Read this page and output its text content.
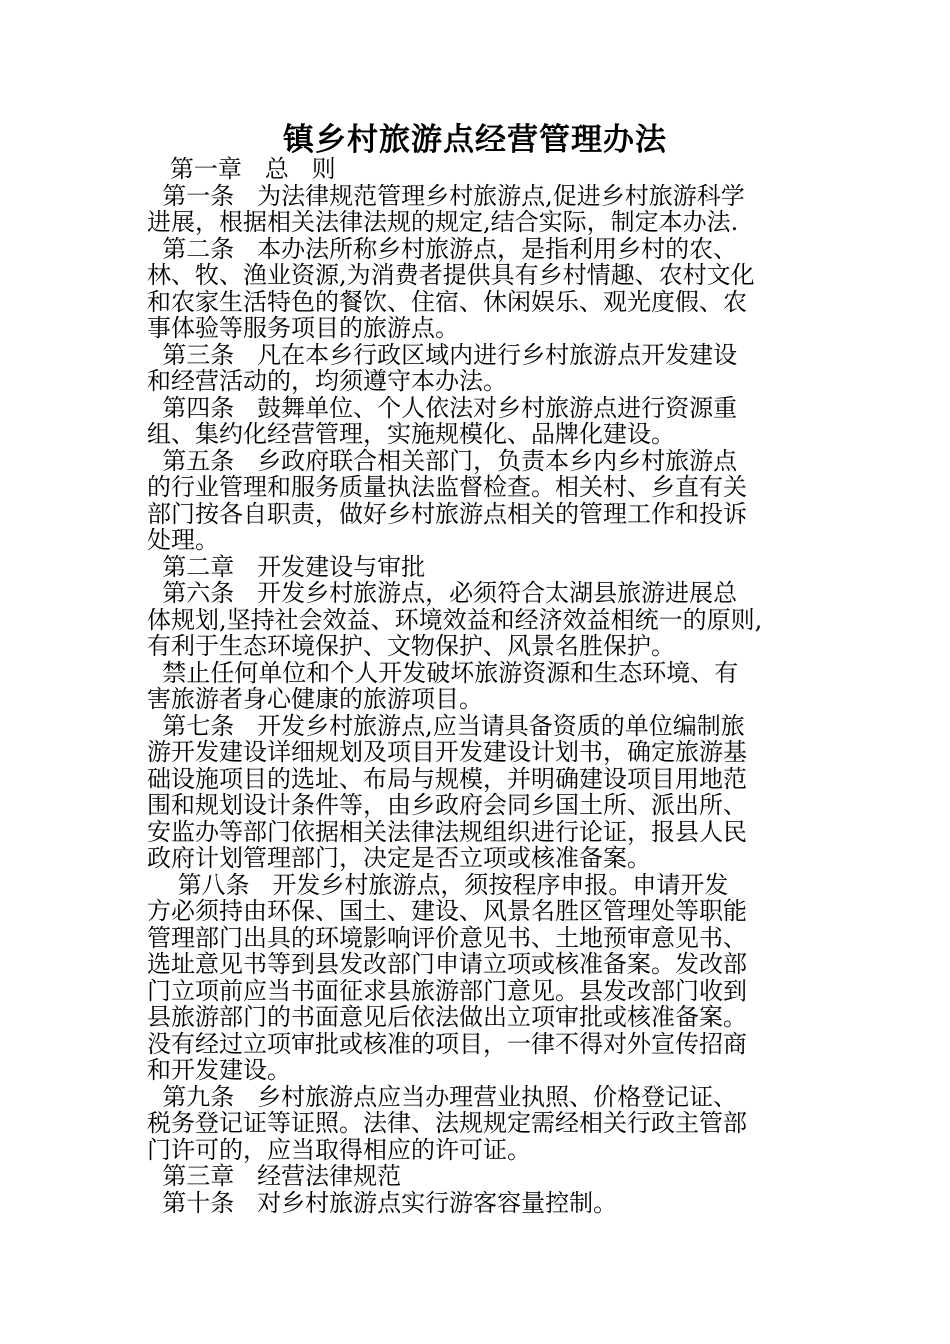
镇乡村旅游点经营管理办法
第一章   总   则
第一条   为法律规范管理乡村旅游点,促进乡村旅游科学
进展，根据相关法律法规的规定,结合实际，制定本办法.
第二条   本办法所称乡村旅游点，是指利用乡村的农、
林、牧、渔业资源,为消费者提供具有乡村情趣、农村文化
和农家生活特色的餐饮、住宿、休闲娱乐、观光度假、农
事体验等服务项目的旅游点。
第三条   凡在本乡行政区域内进行乡村旅游点开发建设
和经营活动的，均须遵守本办法。
第四条   鼓舞单位、个人依法对乡村旅游点进行资源重
组、集约化经营管理，实施规模化、品牌化建设。
第五条   乡政府联合相关部门，负责本乡内乡村旅游点
的行业管理和服务质量执法监督检查。相关村、乡直有关
部门按各自职责，做好乡村旅游点相关的管理工作和投诉
处理。
第二章   开发建设与审批
第六条   开发乡村旅游点，必须符合太湖县旅游进展总
体规划,坚持社会效益、环境效益和经济效益相统一的原则,
有利于生态环境保护、文物保护、风景名胜保护。
禁止任何单位和个人开发破坏旅游资源和生态环境、有
害旅游者身心健康的旅游项目。
第七条   开发乡村旅游点,应当请具备资质的单位编制旅
游开发建设详细规划及项目开发建设计划书，确定旅游基
础设施项目的选址、布局与规模，并明确建设项目用地范
围和规划设计条件等，由乡政府会同乡国土所、派出所、
安监办等部门依据相关法律法规组织进行论证，报县人民
政府计划管理部门，决定是否立项或核准备案。
第八条   开发乡村旅游点，须按程序申报。申请开发
方必须持由环保、国土、建设、风景名胜区管理处等职能
管理部门出具的环境影响评价意见书、土地预审意见书、
选址意见书等到县发改部门申请立项或核准备案。发改部
门立项前应当书面征求县旅游部门意见。县发改部门收到
县旅游部门的书面意见后依法做出立项审批或核准备案。
没有经过立项审批或核准的项目，一律不得对外宣传招商
和开发建设。
第九条   乡村旅游点应当办理营业执照、价格登记证、
税务登记证等证照。法律、法规规定需经相关行政主管部
门许可的，应当取得相应的许可证。
第三章   经营法律规范
第十条   对乡村旅游点实行游客容量控制。
